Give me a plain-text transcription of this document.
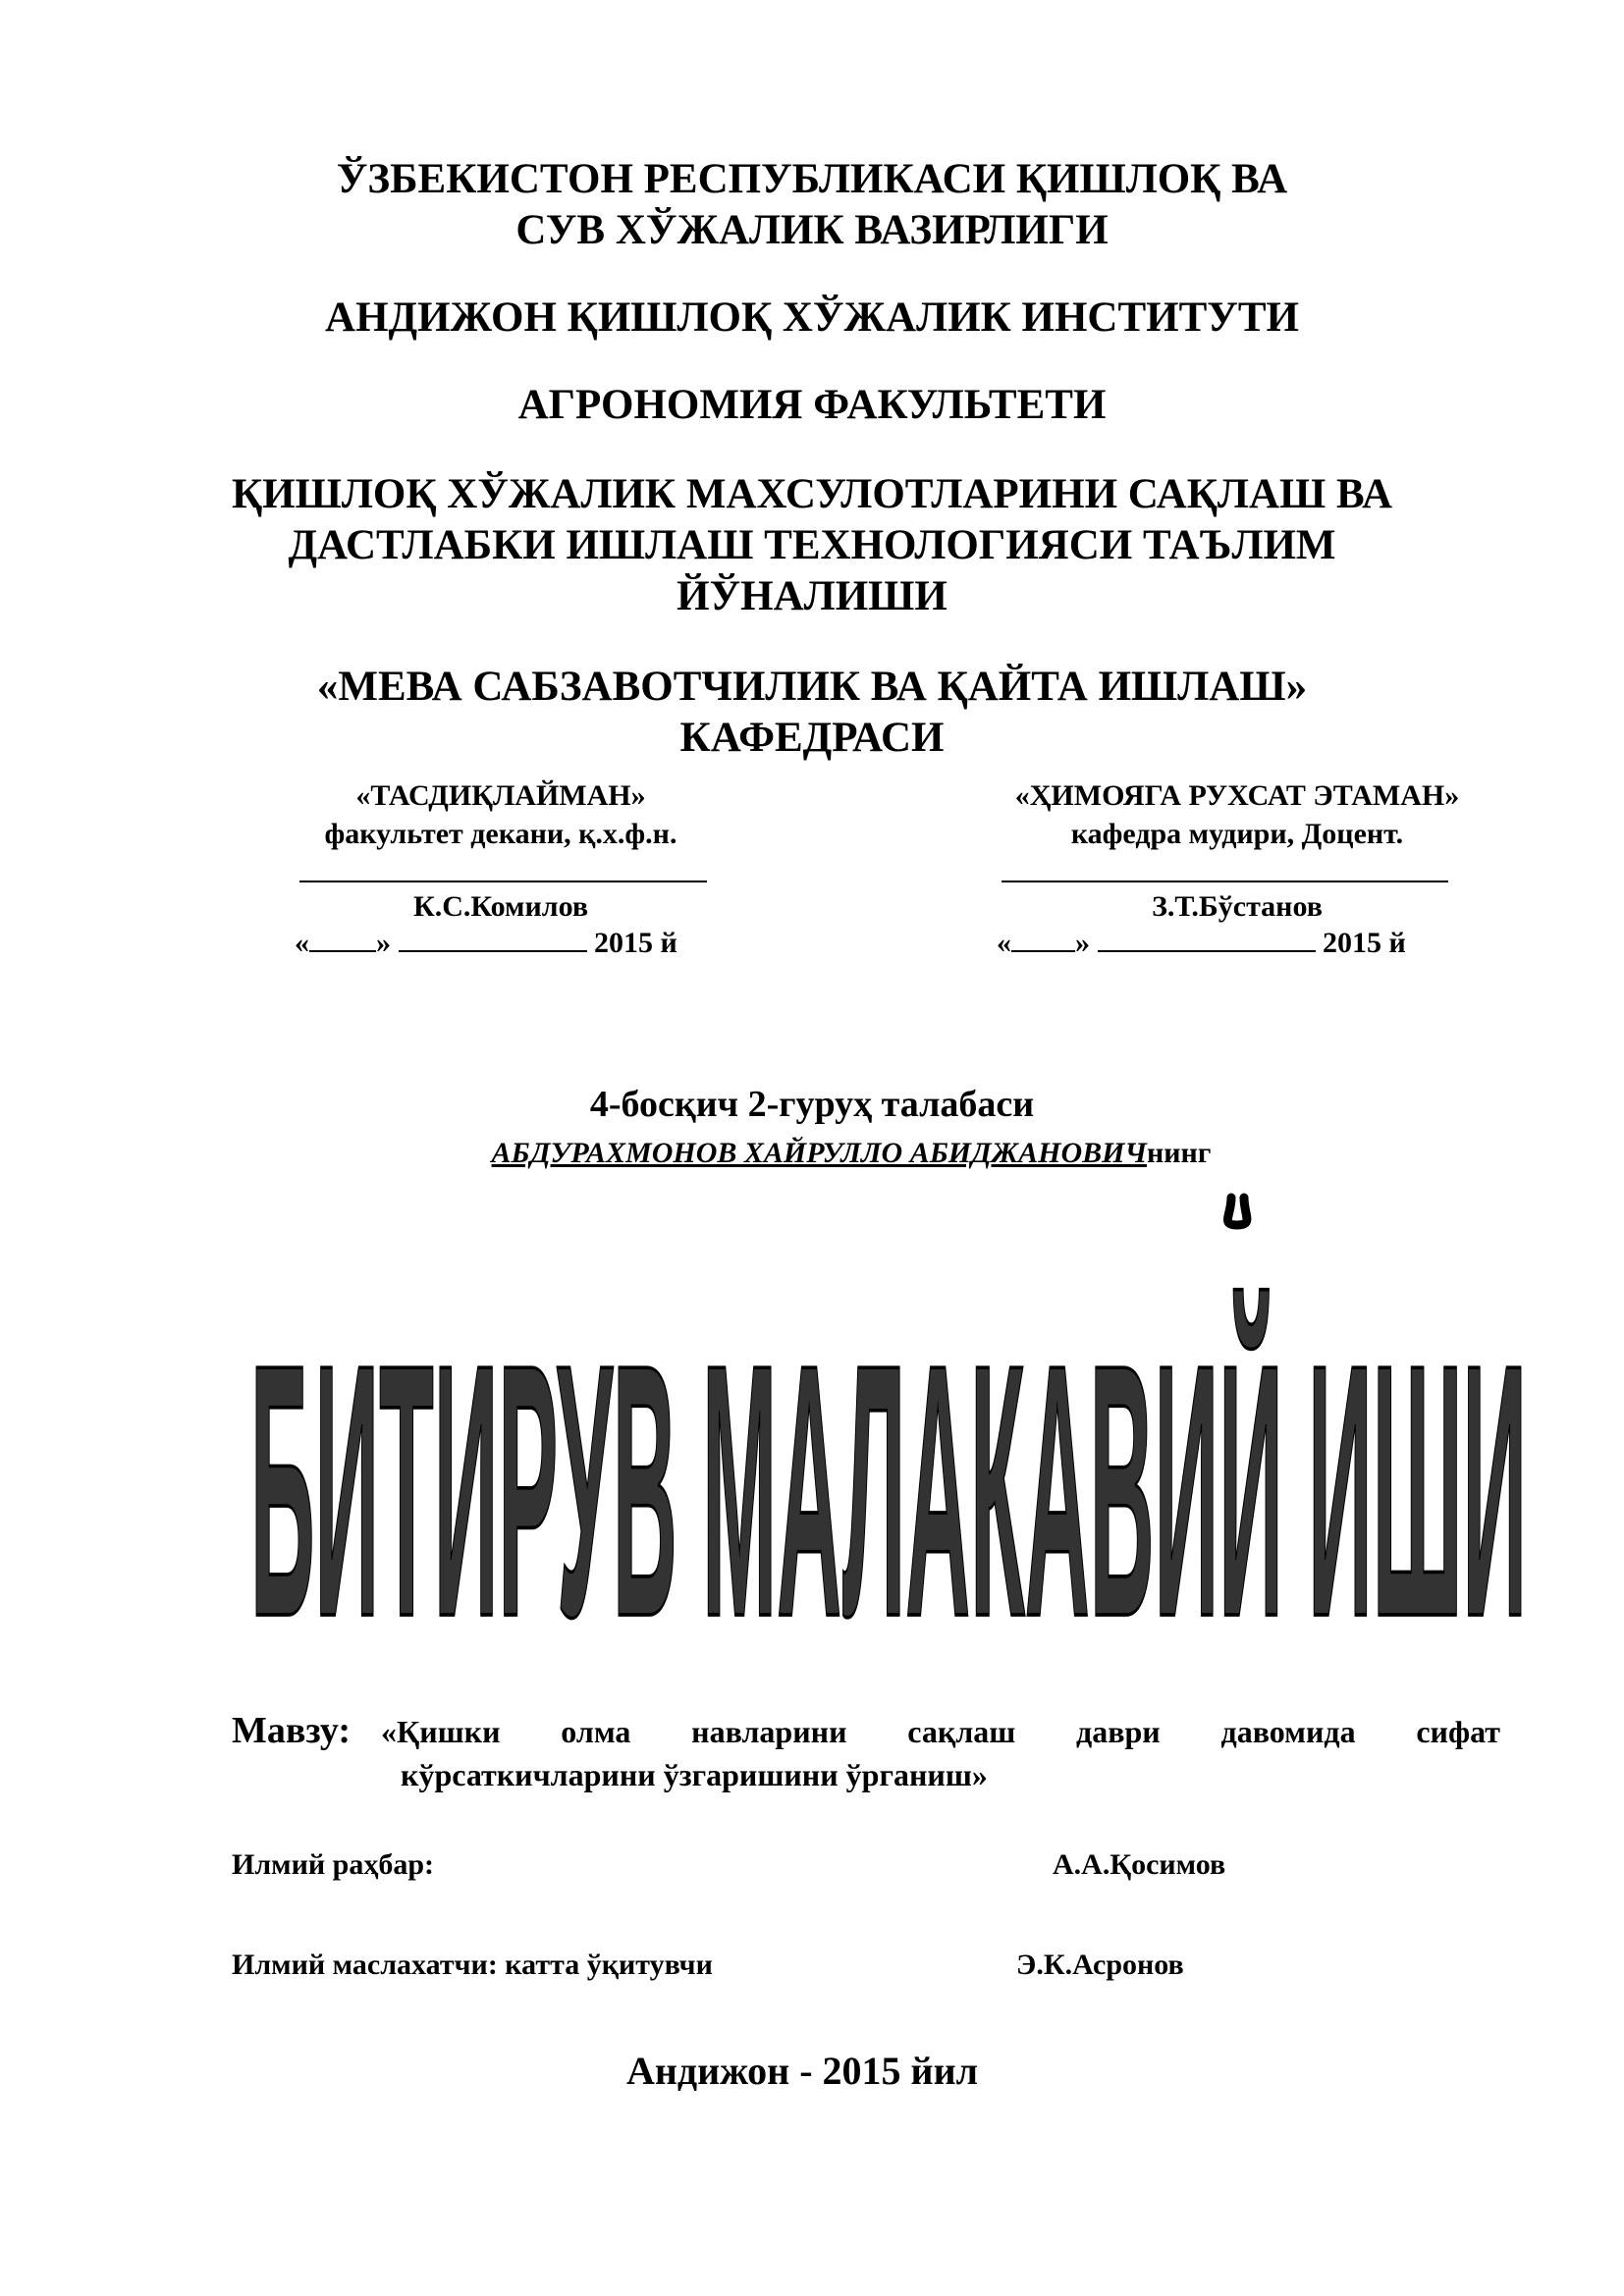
ЎЗБЕКИСТОН РЕСПУБЛИКАСИ ҚИШЛОҚ ВА
СУВ ХЎЖАЛИК ВАЗИРЛИГИ
АНДИЖОН ҚИШЛОҚ ХЎЖАЛИК ИНСТИТУТИ
АГРОНОМИЯ ФАКУЛЬТЕТИ
ҚИШЛОҚ ХЎЖАЛИК МАХСУЛОТЛАРИНИ САҚЛАШ ВА
ДАСТЛАБКИ ИШЛАШ ТЕХНОЛОГИЯСИ ТАЪЛИМ
ЙЎНАЛИШИ
«МЕВА САБЗАВОТЧИЛИК ВА ҚАЙТА ИШЛАШ»
КАФЕДРАСИ
«ТАСДИҚЛАЙМАН»
факультет декани, қ.х.ф.н.
К.С.Комилов
« »	2015 й
«ҲИМОЯГА РУХСАТ ЭТАМАН»
кафедра мудири, Доцент.
З.Т.Бўстанов
« »	2015 й
4-босқич 2-гуруҳ талабаси
АБДУРАХМОНОВ ХАЙРУЛЛО АБИДЖАНОВИЧнинг
БИТИРУВ МАЛАКАВИЙ ИШИ
Мавзу: «Қишки олма навларини сақлаш даври давомида сифат
кўрсаткичларини ўзгаришини ўрганиш»
Илмий раҳбар:	А.А.Қосимов
Илмий маслахатчи: катта ўқитувчи	Э.К.Асронов
Андижон - 2015 йил
